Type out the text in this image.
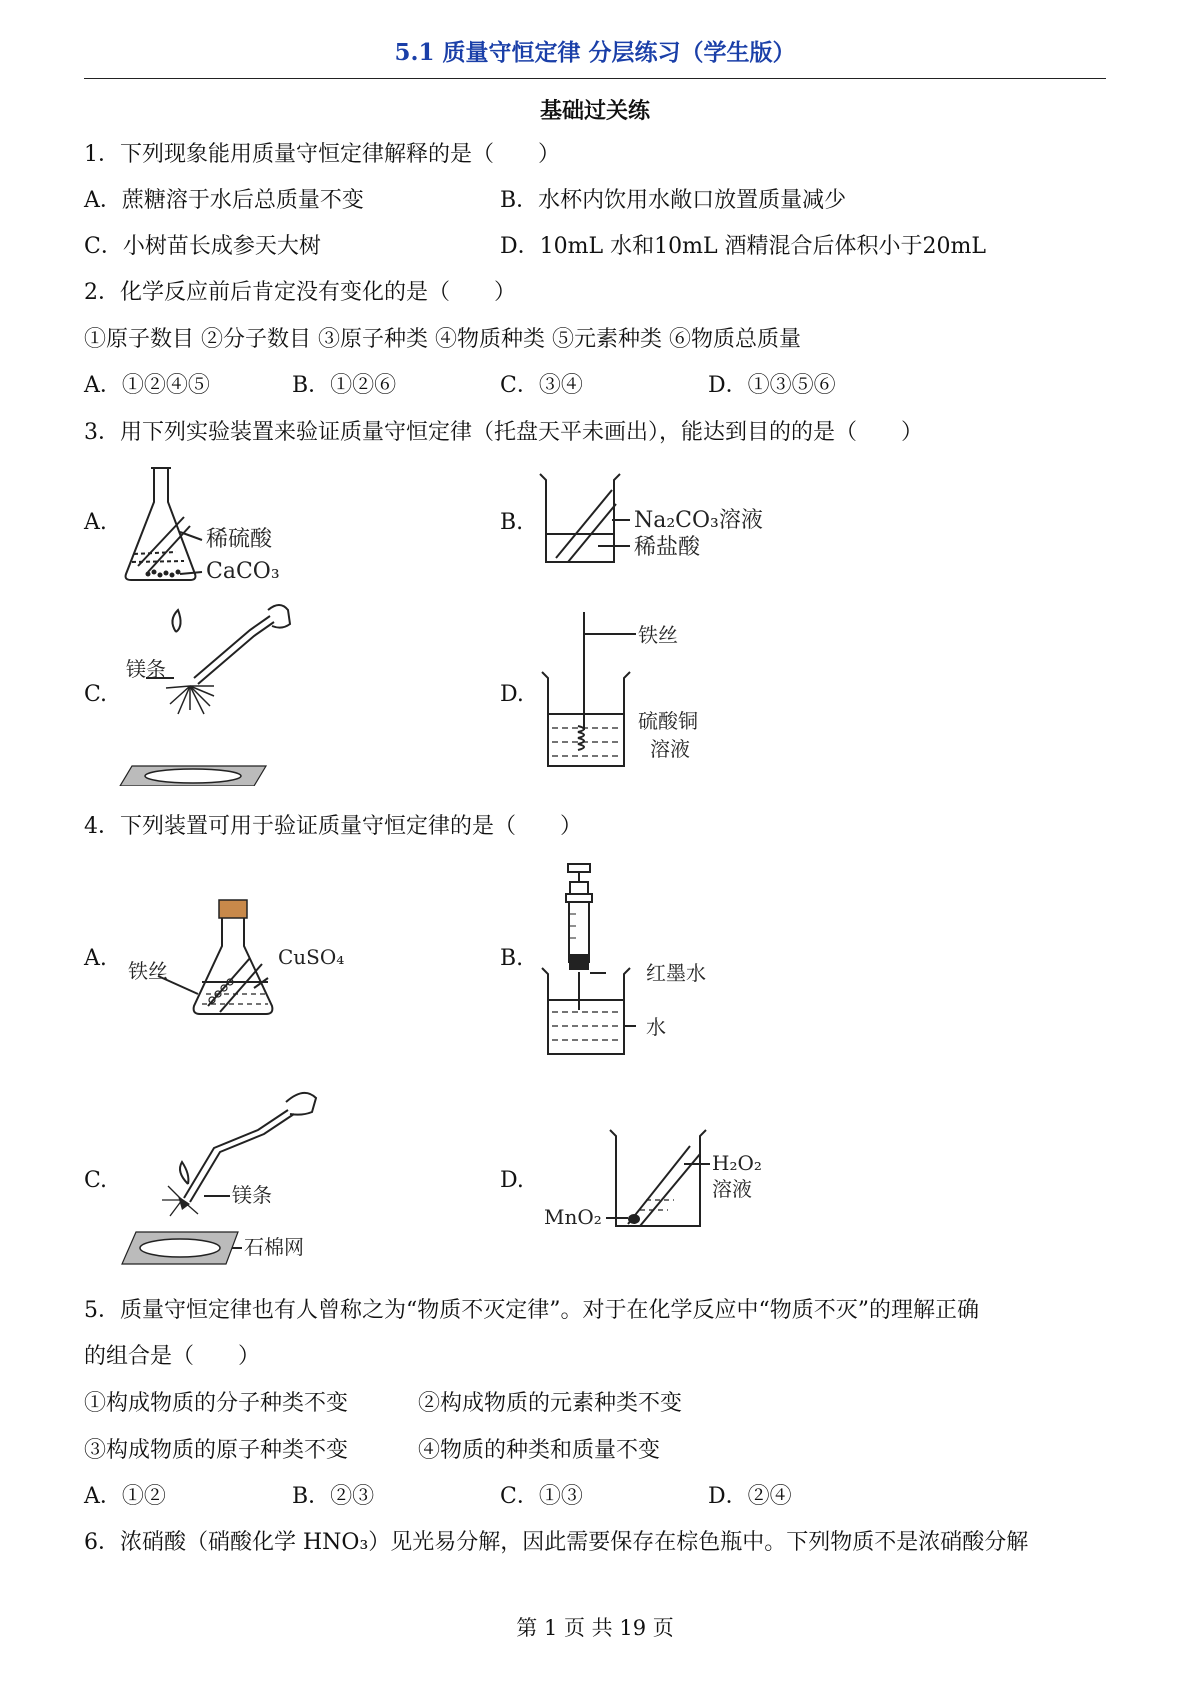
5.1 质量守恒定律 分层练习（学生版）
基础过关练
1．下列现象能用质量守恒定律解释的是（　　）
A．蔗糖溶于水后总质量不变	B．水杯内饮用水敞口放置质量减少
C．小树苗长成参天大树	D．10mL 水和10mL 酒精混合后体积小于20mL
2．化学反应前后肯定没有变化的是（　　）
①原子数目 ②分子数目 ③原子种类 ④物质种类 ⑤元素种类 ⑥物质总质量
A．①②④⑤	B．①②⑥	C．③④	D．①③⑤⑥
3．用下列实验装置来验证质量守恒定律（托盘天平未画出），能达到目的的是（　　）
A.
稀硫酸
CaCO₃
B.	Na₂CO₃溶液
稀盐酸
C.
镁条
D.
铁丝
硫酸铜
溶液
4．下列装置可用于验证质量守恒定律的是（　　）
A. 铁丝
CuSO₄	B.
红墨水
水
C.
镁条
石棉网
D.
H₂O₂
溶液
MnO₂
5．质量守恒定律也有人曾称之为“物质不灭定律”。对于在化学反应中“物质不灭”的理解正确
的组合是（　　）
①构成物质的分子种类不变	②构成物质的元素种类不变
③构成物质的原子种类不变	④物质的种类和质量不变
A．①②	B．②③	C．①③	D．②④
6．浓硝酸（硝酸化学 HNO₃）见光易分解，因此需要保存在棕色瓶中。下列物质不是浓硝酸分解
第 1 页 共 19 页
